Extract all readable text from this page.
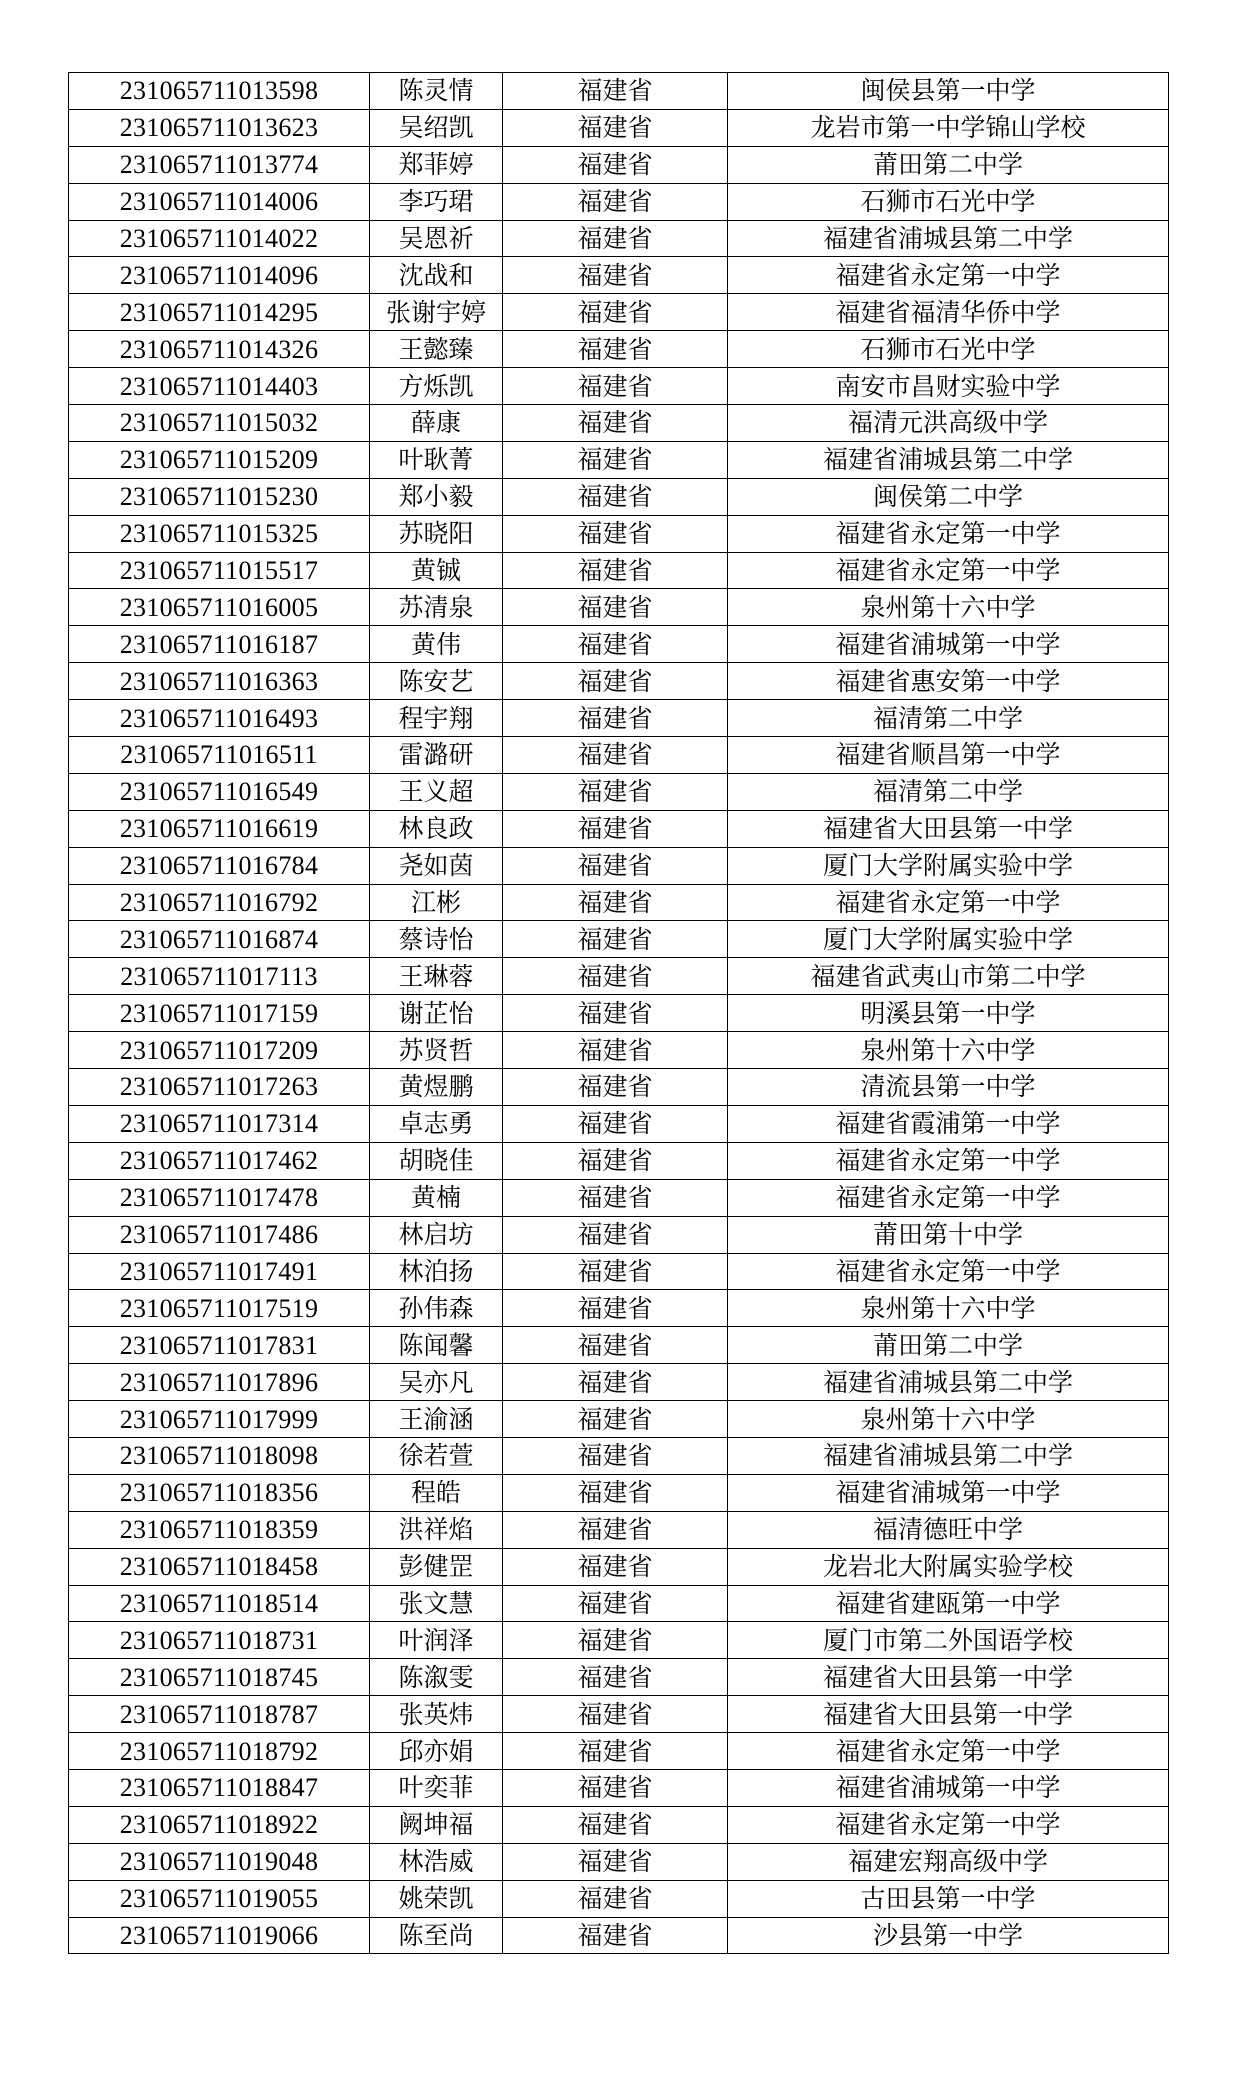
231065711013598	陈灵情	福建省	闽侯县第一中学
231065711013623	吴绍凯	福建省	龙岩市第一中学锦山学校
231065711013774	郑菲婷	福建省	莆田第二中学
231065711014006	李巧珺	福建省	石狮市石光中学
231065711014022	吴恩祈	福建省	福建省浦城县第二中学
231065711014096	沈战和	福建省	福建省永定第一中学
231065711014295	张谢宇婷	福建省	福建省福清华侨中学
231065711014326	王懿臻	福建省	石狮市石光中学
231065711014403	方烁凯	福建省	南安市昌财实验中学
231065711015032	薛康	福建省	福清元洪高级中学
231065711015209	叶耿菁	福建省	福建省浦城县第二中学
231065711015230	郑小毅	福建省	闽侯第二中学
231065711015325	苏晓阳	福建省	福建省永定第一中学
231065711015517	黄铖	福建省	福建省永定第一中学
231065711016005	苏清泉	福建省	泉州第十六中学
231065711016187	黄伟	福建省	福建省浦城第一中学
231065711016363	陈安艺	福建省	福建省惠安第一中学
231065711016493	程宇翔	福建省	福清第二中学
231065711016511	雷潞研	福建省	福建省顺昌第一中学
231065711016549	王义超	福建省	福清第二中学
231065711016619	林良政	福建省	福建省大田县第一中学
231065711016784	尧如茵	福建省	厦门大学附属实验中学
231065711016792	江彬	福建省	福建省永定第一中学
231065711016874	蔡诗怡	福建省	厦门大学附属实验中学
231065711017113	王琳蓉	福建省	福建省武夷山市第二中学
231065711017159	谢芷怡	福建省	明溪县第一中学
231065711017209	苏贤哲	福建省	泉州第十六中学
231065711017263	黄煜鹏	福建省	清流县第一中学
231065711017314	卓志勇	福建省	福建省霞浦第一中学
231065711017462	胡晓佳	福建省	福建省永定第一中学
231065711017478	黄楠	福建省	福建省永定第一中学
231065711017486	林启坊	福建省	莆田第十中学
231065711017491	林泊扬	福建省	福建省永定第一中学
231065711017519	孙伟森	福建省	泉州第十六中学
231065711017831	陈闻馨	福建省	莆田第二中学
231065711017896	吴亦凡	福建省	福建省浦城县第二中学
231065711017999	王渝涵	福建省	泉州第十六中学
231065711018098	徐若萱	福建省	福建省浦城县第二中学
231065711018356	程皓	福建省	福建省浦城第一中学
231065711018359	洪祥焰	福建省	福清德旺中学
231065711018458	彭健罡	福建省	龙岩北大附属实验学校
231065711018514	张文慧	福建省	福建省建瓯第一中学
231065711018731	叶润泽	福建省	厦门市第二外国语学校
231065711018745	陈溆雯	福建省	福建省大田县第一中学
231065711018787	张英炜	福建省	福建省大田县第一中学
231065711018792	邱亦娟	福建省	福建省永定第一中学
231065711018847	叶奕菲	福建省	福建省浦城第一中学
231065711018922	阙坤福	福建省	福建省永定第一中学
231065711019048	林浩威	福建省	福建宏翔高级中学
231065711019055	姚荣凯	福建省	古田县第一中学
231065711019066	陈至尚	福建省	沙县第一中学
